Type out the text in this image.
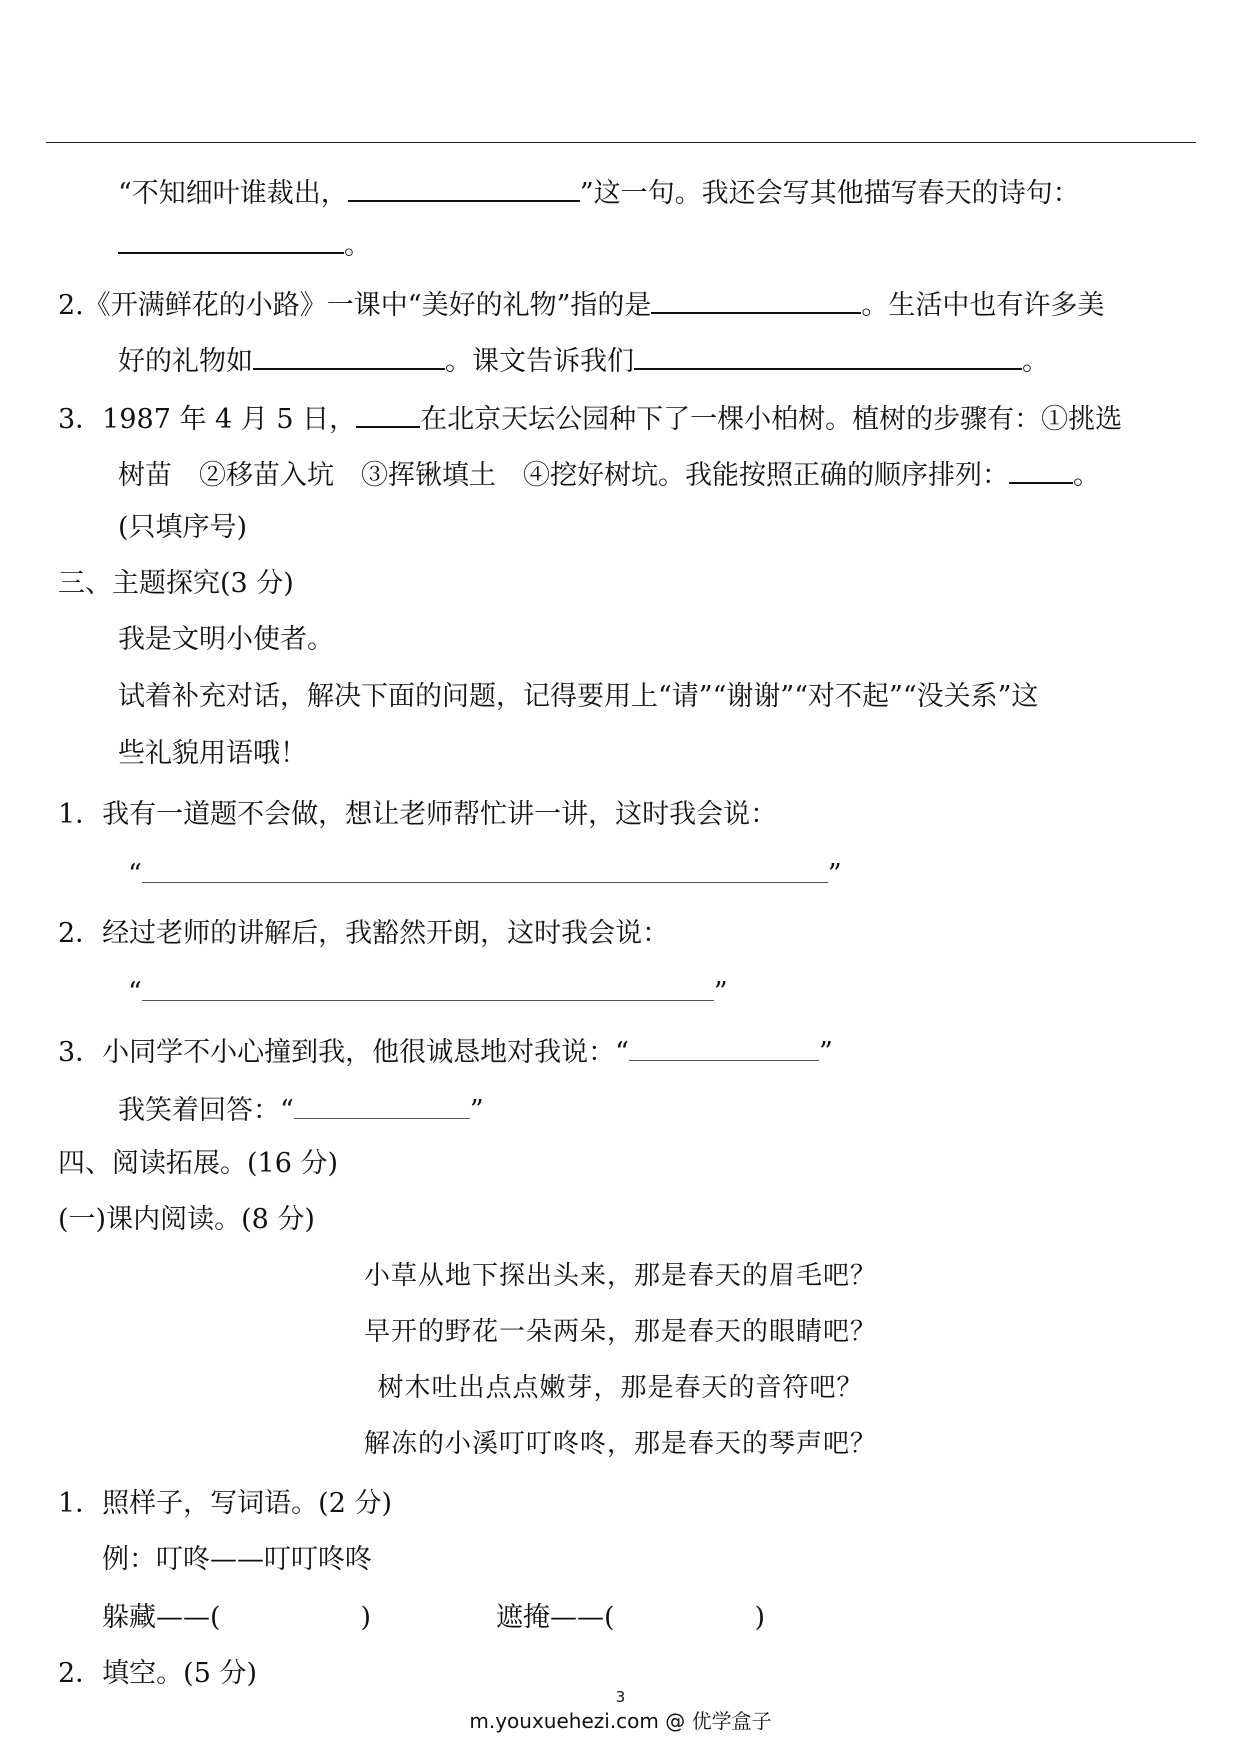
“不知细叶谁裁出，	”这一句。我还会写其他描写春天的诗句：
。
2.《开满鲜花的小路》一课中“美好的礼物”指的是	。生活中也有许多美
好的礼物如	。课文告诉我们	。
3．1987 年 4 月 5 日， 在北京天坛公园种下了一棵小柏树。植树的步骤有：①挑选
树苗　②移苗入坑　③挥锹填土　④挖好树坑。我能按照正确的顺序排列： 。
(只填序号)
三、主题探究(3 分)
我是文明小使者。
试着补充对话，解决下面的问题，记得要用上“请”“谢谢”“对不起”“没关系”这
些礼貌用语哦！
1．我有一道题不会做，想让老师帮忙讲一讲，这时我会说：
“	”
2．经过老师的讲解后，我豁然开朗，这时我会说：
“	”
3．小同学不小心撞到我，他很诚恳地对我说：“	”
我笑着回答：“	”
四、阅读拓展。(16 分)
(一)课内阅读。(8 分)
小草从地下探出头来，那是春天的眉毛吧？
早开的野花一朵两朵，那是春天的眼睛吧？
树木吐出点点嫩芽，那是春天的音符吧？
解冻的小溪叮叮咚咚，那是春天的琴声吧？
1．照样子，写词语。(2 分)
例：叮咚——叮叮咚咚
躲藏——(	)	遮掩——(	)
2．填空。(5 分)
3
m.youxuehezi.com @ 优学盒子
